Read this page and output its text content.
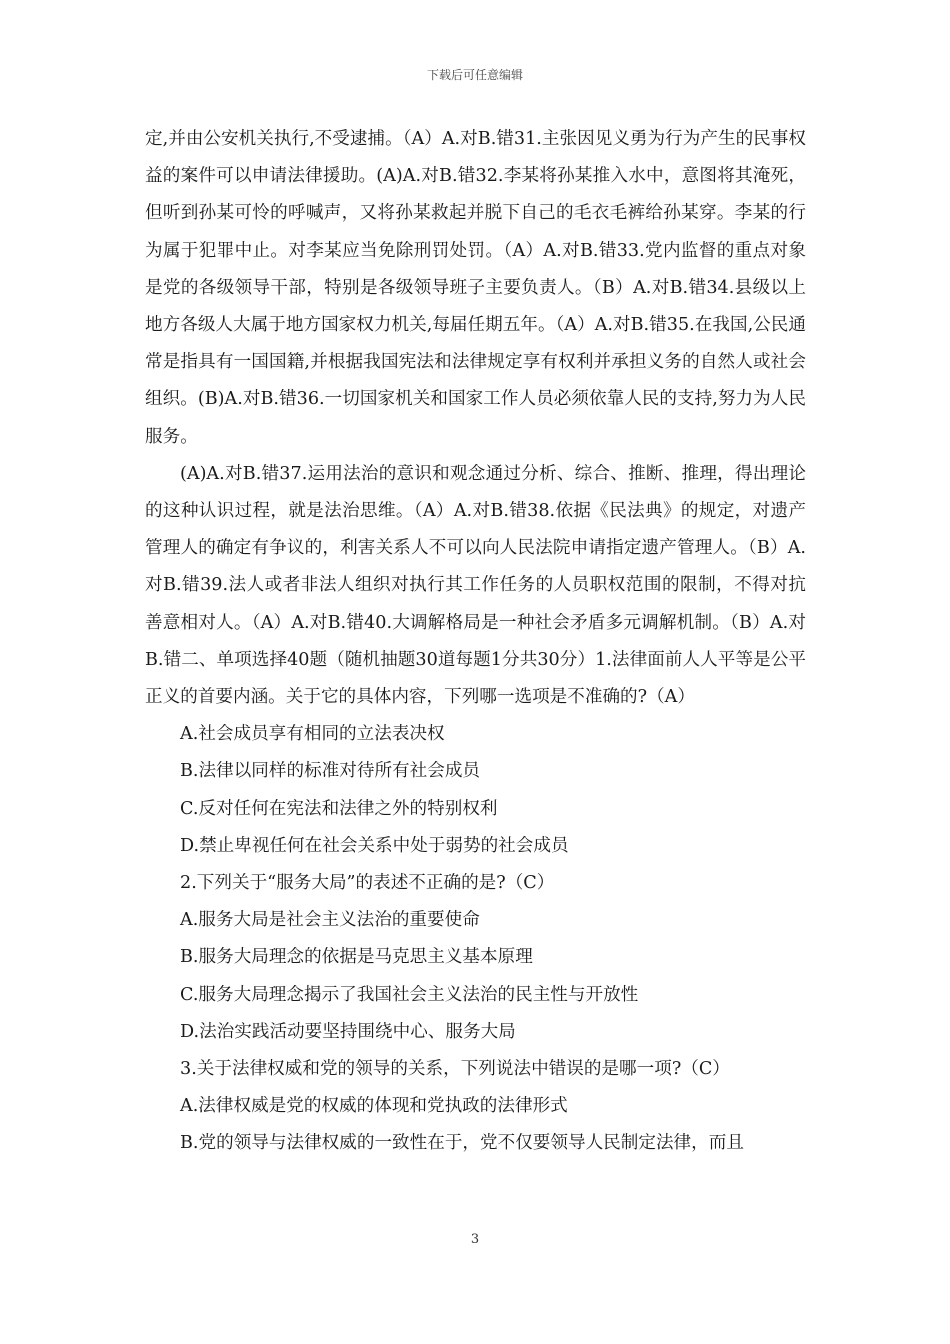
下载后可任意编辑

定,并由公安机关执行,不受逮捕。（A）A.对B.错31.主张因见义勇为行为产生的民事权益的案件可以申请法律援助。(A)A.对B.错32.李某将孙某推入水中，意图将其淹死，但听到孙某可怜的呼喊声，又将孙某救起并脱下自己的毛衣毛裤给孙某穿。李某的行为属于犯罪中止。对李某应当免除刑罚处罚。（A）A.对B.错33.党内监督的重点对象是党的各级领导干部，特别是各级领导班子主要负责人。（B）A.对B.错34.县级以上地方各级人大属于地方国家权力机关,每届任期五年。（A）A.对B.错35.在我国,公民通常是指具有一国国籍,并根据我国宪法和法律规定享有权利并承担义务的自然人或社会组织。(B)A.对B.错36.一切国家机关和国家工作人员必须依靠人民的支持,努力为人民服务。

(A)A.对B.错37.运用法治的意识和观念通过分析、综合、推断、推理，得出理论的这种认识过程，就是法治思维。（A）A.对B.错38.依据《民法典》的规定，对遗产管理人的确定有争议的，利害关系人不可以向人民法院申请指定遗产管理人。（B）A.对B.错39.法人或者非法人组织对执行其工作任务的人员职权范围的限制，不得对抗善意相对人。（A）A.对B.错40.大调解格局是一种社会矛盾多元调解机制。（B）A.对B.错二、单项选择40题（随机抽题30道每题1分共30分）1.法律面前人人平等是公平正义的首要内涵。关于它的具体内容，下列哪一选项是不准确的?（A）

A.社会成员享有相同的立法表决权

B.法律以同样的标准对待所有社会成员

C.反对任何在宪法和法律之外的特别权利

D.禁止卑视任何在社会关系中处于弱势的社会成员

2.下列关于“服务大局”的表述不正确的是?（C）

A.服务大局是社会主义法治的重要使命

B.服务大局理念的依据是马克思主义基本原理

C.服务大局理念揭示了我国社会主义法治的民主性与开放性

D.法治实践活动要坚持围绕中心、服务大局

3.关于法律权威和党的领导的关系，下列说法中错误的是哪一项?（C）

A.法律权威是党的权威的体现和党执政的法律形式

B.党的领导与法律权威的一致性在于，党不仅要领导人民制定法律，而且

3
